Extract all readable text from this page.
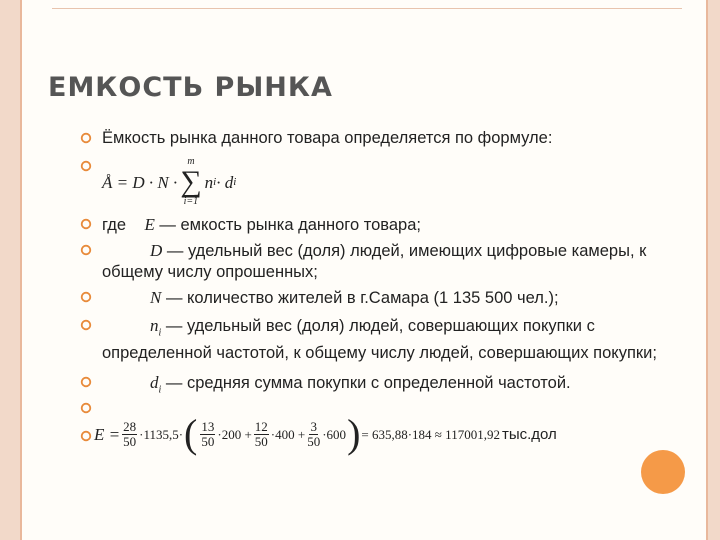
ЕМКОСТЬ РЫНКА
Ёмкость рынка данного товара определяется по формуле:
Å = D · N ·
m
∑
i=1
n i · d i
где E — емкость рынка данного товара;
D — удельный вес (доля) людей, имеющих цифровые камеры, к общему числу опрошенных;
N — количество жителей в г.Самара (1 135 500 чел.);
$n_i$ — удельный вес (доля) людей, совершающих покупки с определенной частотой, к общему числу людей, совершающих покупки;
$d_i$ — средняя сумма покупки с определенной частотой.
$E = \frac{28}{50} \cdot 1135,5\cdot$ ( $\frac{13}{50} \cdot 200 + \frac{12}{50} \cdot 400 + \frac{3}{50} \cdot 600$ ) = 635,88·184 ≈ 117001,92 тыс.дол
